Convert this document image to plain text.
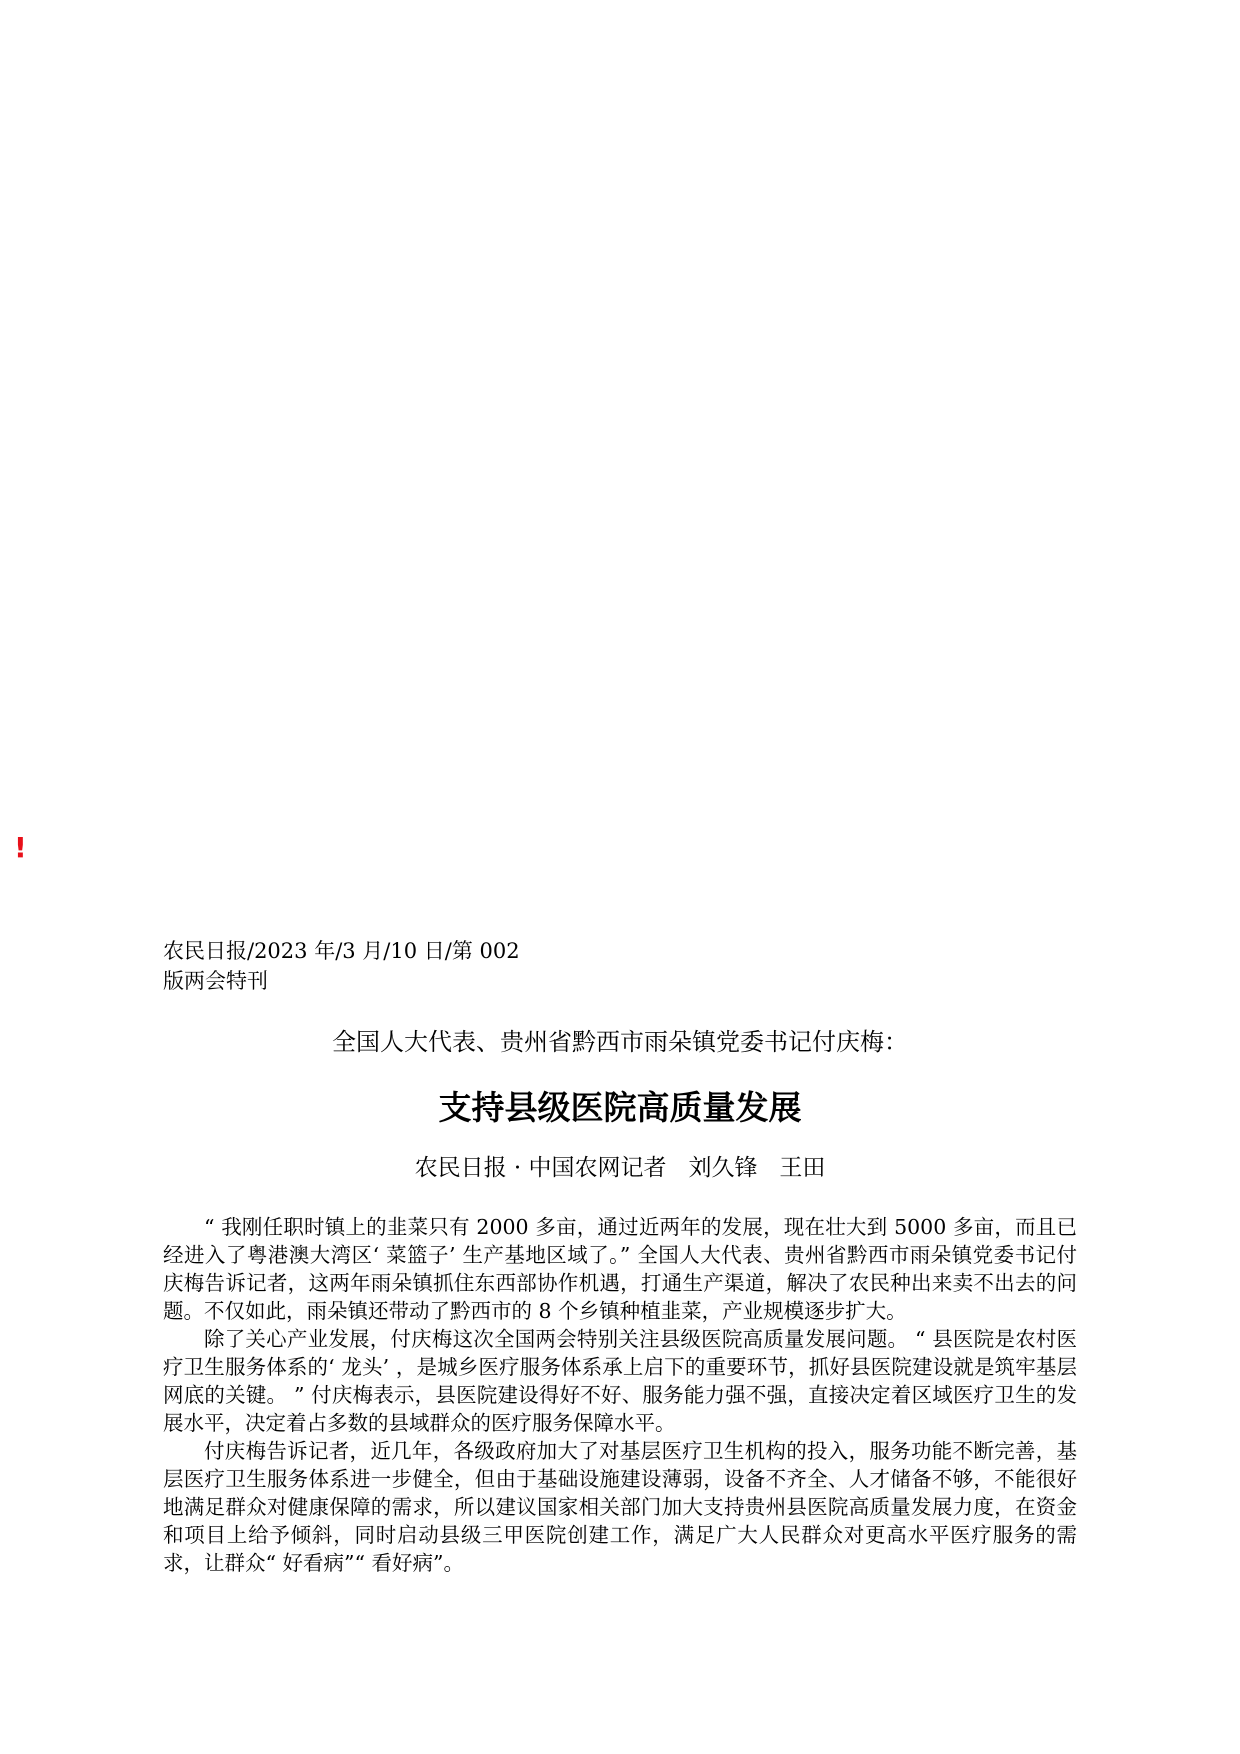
!
农民日报/2023 年/3 月/10 日/第 002
版两会特刊
全国人大代表、贵州省黔西市雨朵镇党委书记付庆梅：
支持县级医院高质量发展
农民日报 · 中国农网记者   刘久锋   王田

“ 我刚任职时镇上的韭菜只有 2000 多亩，通过近两年的发展，现在壮大到 5000 多亩，而且已经进入了粤港澳大湾区‘ 菜篮子’ 生产基地区域了。” 全国人大代表、贵州省黔西市雨朵镇党委书记付庆梅告诉记者，这两年雨朵镇抓住东西部协作机遇，打通生产渠道，解决了农民种出来卖不出去的问题。不仅如此，雨朵镇还带动了黔西市的 8 个乡镇种植韭菜，产业规模逐步扩大。

除了关心产业发展，付庆梅这次全国两会特别关注县级医院高质量发展问题。 “ 县医院是农村医疗卫生服务体系的‘ 龙头’ ，是城乡医疗服务体系承上启下的重要环节，抓好县医院建设就是筑牢基层网底的关键。 ” 付庆梅表示，县医院建设得好不好、服务能力强不强，直接决定着区域医疗卫生的发展水平，决定着占多数的县域群众的医疗服务保障水平。

付庆梅告诉记者，近几年，各级政府加大了对基层医疗卫生机构的投入，服务功能不断完善，基层医疗卫生服务体系进一步健全，但由于基础设施建设薄弱，设备不齐全、人才储备不够，不能很好地满足群众对健康保障的需求，所以建议国家相关部门加大支持贵州县医院高质量发展力度，在资金和项目上给予倾斜，同时启动县级三甲医院创建工作，满足广大人民群众对更高水平医疗服务的需求，让群众“ 好看病”“ 看好病”。
